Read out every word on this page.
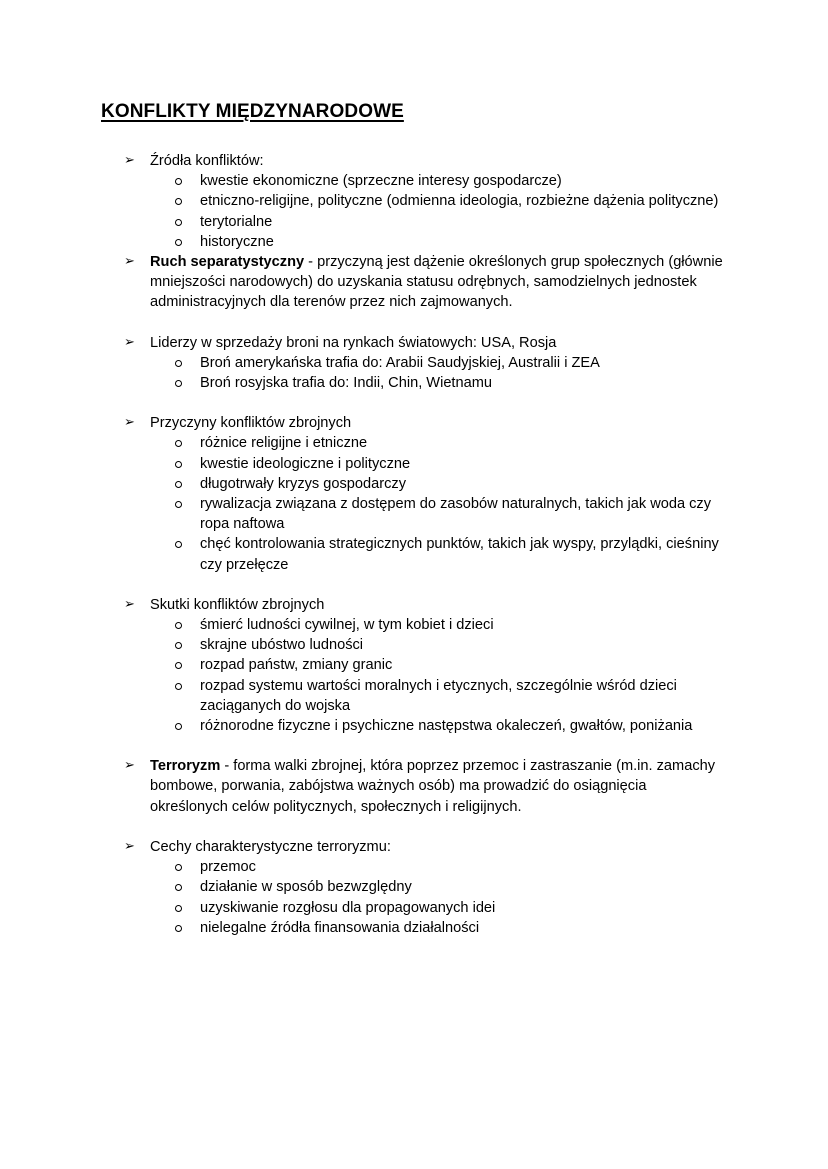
KONFLIKTY MIĘDZYNARODOWE
➢	Źródła konfliktów:
kwestie ekonomiczne (sprzeczne interesy gospodarcze)
etniczno-religijne, polityczne (odmienna ideologia, rozbieżne dążenia polityczne)
terytorialne
historyczne
➢	Ruch separatystyczny - przyczyną jest dążenie określonych grup społecznych (głównie mniejszości narodowych) do uzyskania statusu odrębnych, samodzielnych jednostek administracyjnych dla terenów przez nich zajmowanych.
➢	Liderzy w sprzedaży broni na rynkach światowych: USA, Rosja
Broń amerykańska trafia do: Arabii Saudyjskiej, Australii i ZEA
Broń rosyjska trafia do: Indii, Chin, Wietnamu
➢	Przyczyny konfliktów zbrojnych
różnice religijne i etniczne
kwestie ideologiczne i polityczne
długotrwały kryzys gospodarczy
rywalizacja związana z dostępem do zasobów naturalnych, takich jak woda czy ropa naftowa
chęć kontrolowania strategicznych punktów, takich jak wyspy, przylądki, cieśniny czy przełęcze
➢	Skutki konfliktów zbrojnych
śmierć ludności cywilnej, w tym kobiet i dzieci
skrajne ubóstwo ludności
rozpad państw, zmiany granic
rozpad systemu wartości moralnych i etycznych, szczególnie wśród dzieci zaciąganych do wojska
różnorodne fizyczne i psychiczne następstwa okaleczeń, gwałtów, poniżania
➢	Terroryzm - forma walki zbrojnej, która poprzez przemoc i zastraszanie (m.in. zamachy bombowe, porwania, zabójstwa ważnych osób) ma prowadzić do osiągnięcia określonych celów politycznych, społecznych i religijnych.
➢	Cechy charakterystyczne terroryzmu:
przemoc
działanie w sposób bezwzględny
uzyskiwanie rozgłosu dla propagowanych idei
nielegalne źródła finansowania działalności
